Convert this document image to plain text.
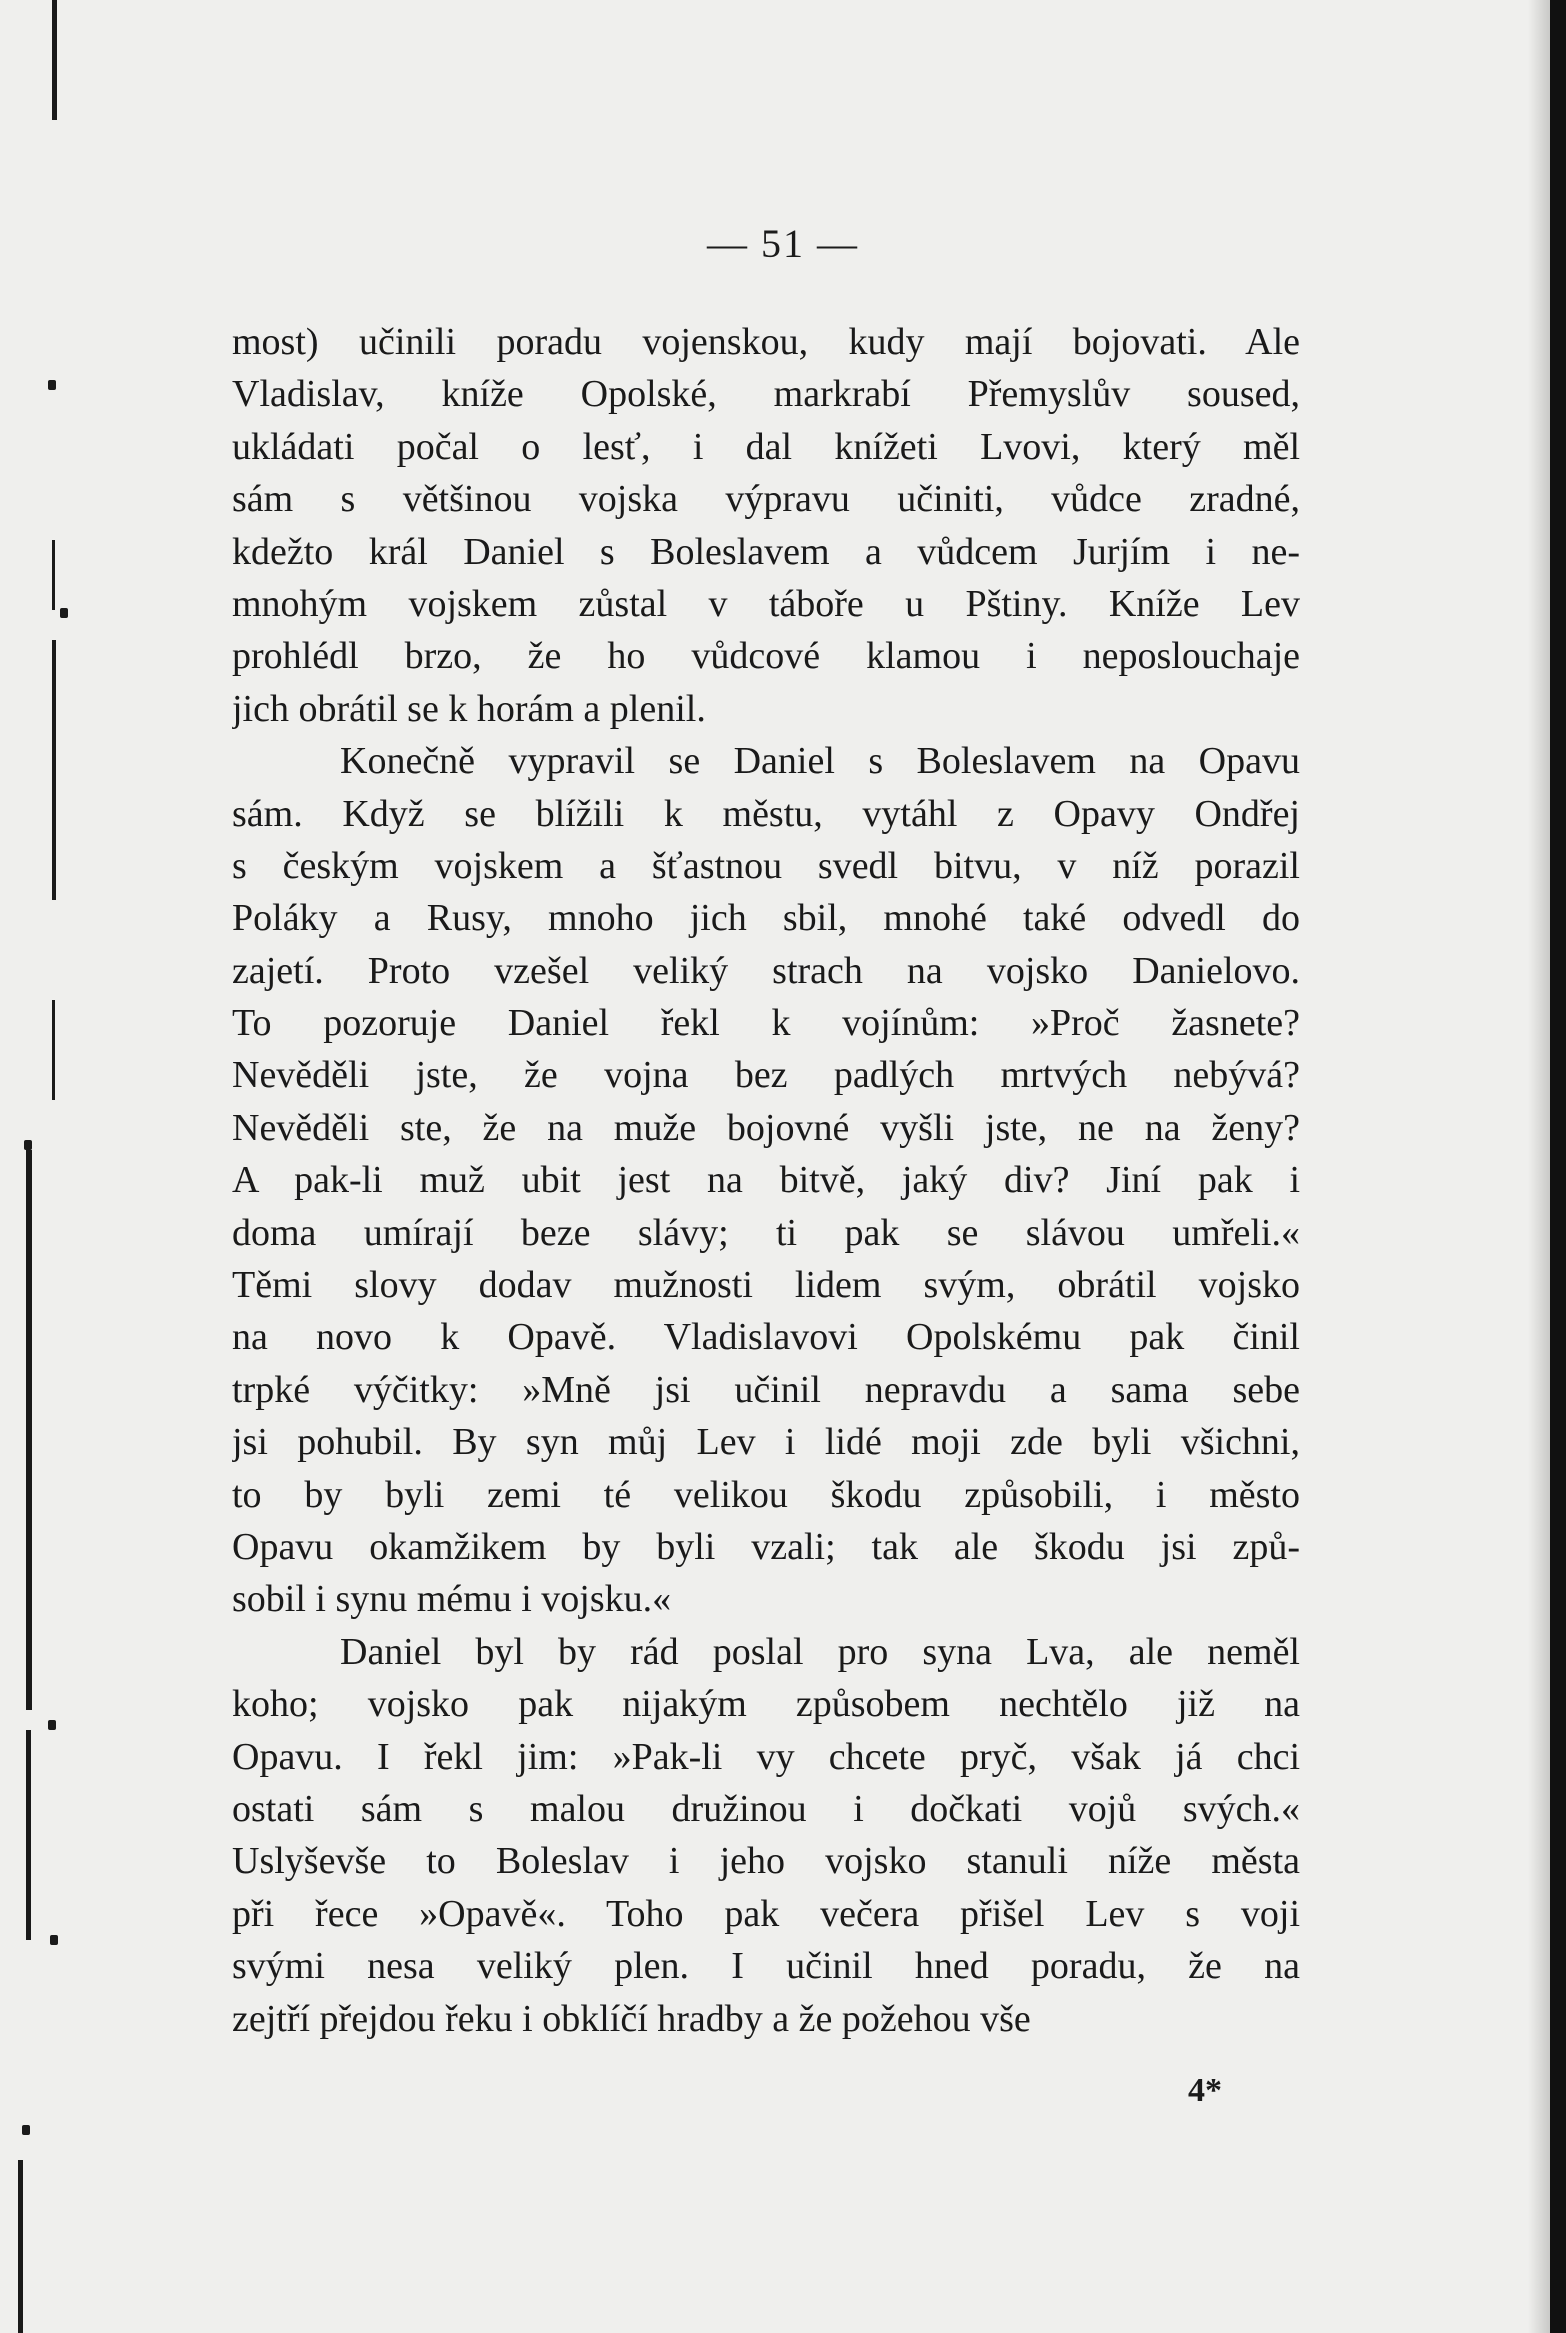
— 51 —
most) učinili poradu vojenskou, kudy mají bojovati. Ale
Vladislav, kníže Opolské, markrabí Přemyslův soused,
ukládati počal o lesť, i dal knížeti Lvovi, který měl
sám s většinou vojska výpravu učiniti, vůdce zradné,
kdežto král Daniel s Boleslavem a vůdcem Jurjím i ne-
mnohým vojskem zůstal v táboře u Pštiny. Kníže Lev
prohlédl brzo, že ho vůdcové klamou i neposlouchaje
jich obrátil se k horám a plenil.
Konečně vypravil se Daniel s Boleslavem na Opavu
sám. Když se blížili k městu, vytáhl z Opavy Ondřej
s českým vojskem a šťastnou svedl bitvu, v níž porazil
Poláky a Rusy, mnoho jich sbil, mnohé také odvedl do
zajetí. Proto vzešel veliký strach na vojsko Danielovo.
To pozoruje Daniel řekl k vojínům: »Proč žasnete?
Nevěděli jste, že vojna bez padlých mrtvých nebývá?
Nevěděli ste, že na muže bojovné vyšli jste, ne na ženy?
A pak-li muž ubit jest na bitvě, jaký div? Jiní pak i
doma umírají beze slávy; ti pak se slávou umřeli.«
Těmi slovy dodav mužnosti lidem svým, obrátil vojsko
na novo k Opavě. Vladislavovi Opolskému pak činil
trpké výčitky: »Mně jsi učinil nepravdu a sama sebe
jsi pohubil. By syn můj Lev i lidé moji zde byli všichni,
to by byli zemi té velikou škodu způsobili, i město
Opavu okamžikem by byli vzali; tak ale škodu jsi způ-
sobil i synu mému i vojsku.«
Daniel byl by rád poslal pro syna Lva, ale neměl
koho; vojsko pak nijakým způsobem nechtělo již na
Opavu. I řekl jim: »Pak-li vy chcete pryč, však já chci
ostati sám s malou družinou i dočkati vojů svých.«
Uslyševše to Boleslav i jeho vojsko stanuli níže města
při řece »Opavě«. Toho pak večera přišel Lev s voji
svými nesa veliký plen. I učinil hned poradu, že na
zejtří přejdou řeku i obklíčí hradby a že požehou vše
4*
